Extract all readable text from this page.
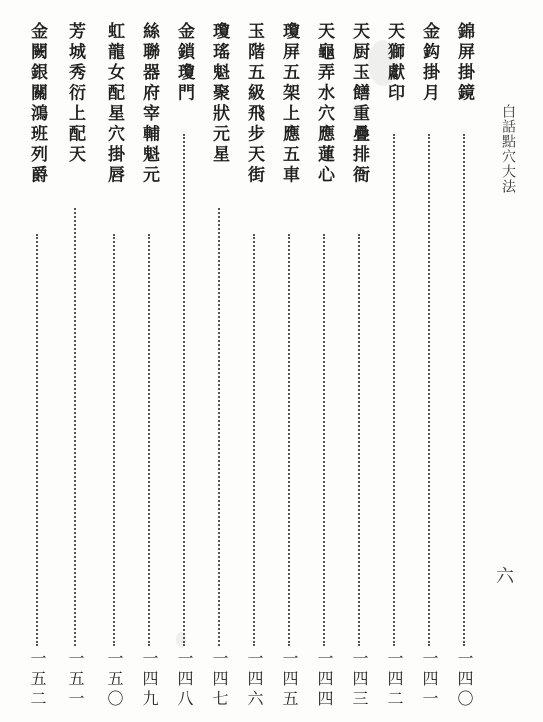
白話點穴大法
六
錦屏掛鏡
一四〇
金鈎掛月
一四一
天獅獻印
一四二
天厨玉饍重疊排衙
一四三
天龜弄水穴應蓮心
一四四
瓊屏五架上應五車
一四五
玉階五級飛步天街
一四六
瓊瑤魁聚狀元星
一四七
金鎖瓊門
一四八
絲聯器府宰輔魁元
一四九
虹龍女配星穴掛唇
一五〇
芳城秀衍上配天
一五一
金闕銀關鴻班列爵
一五二
